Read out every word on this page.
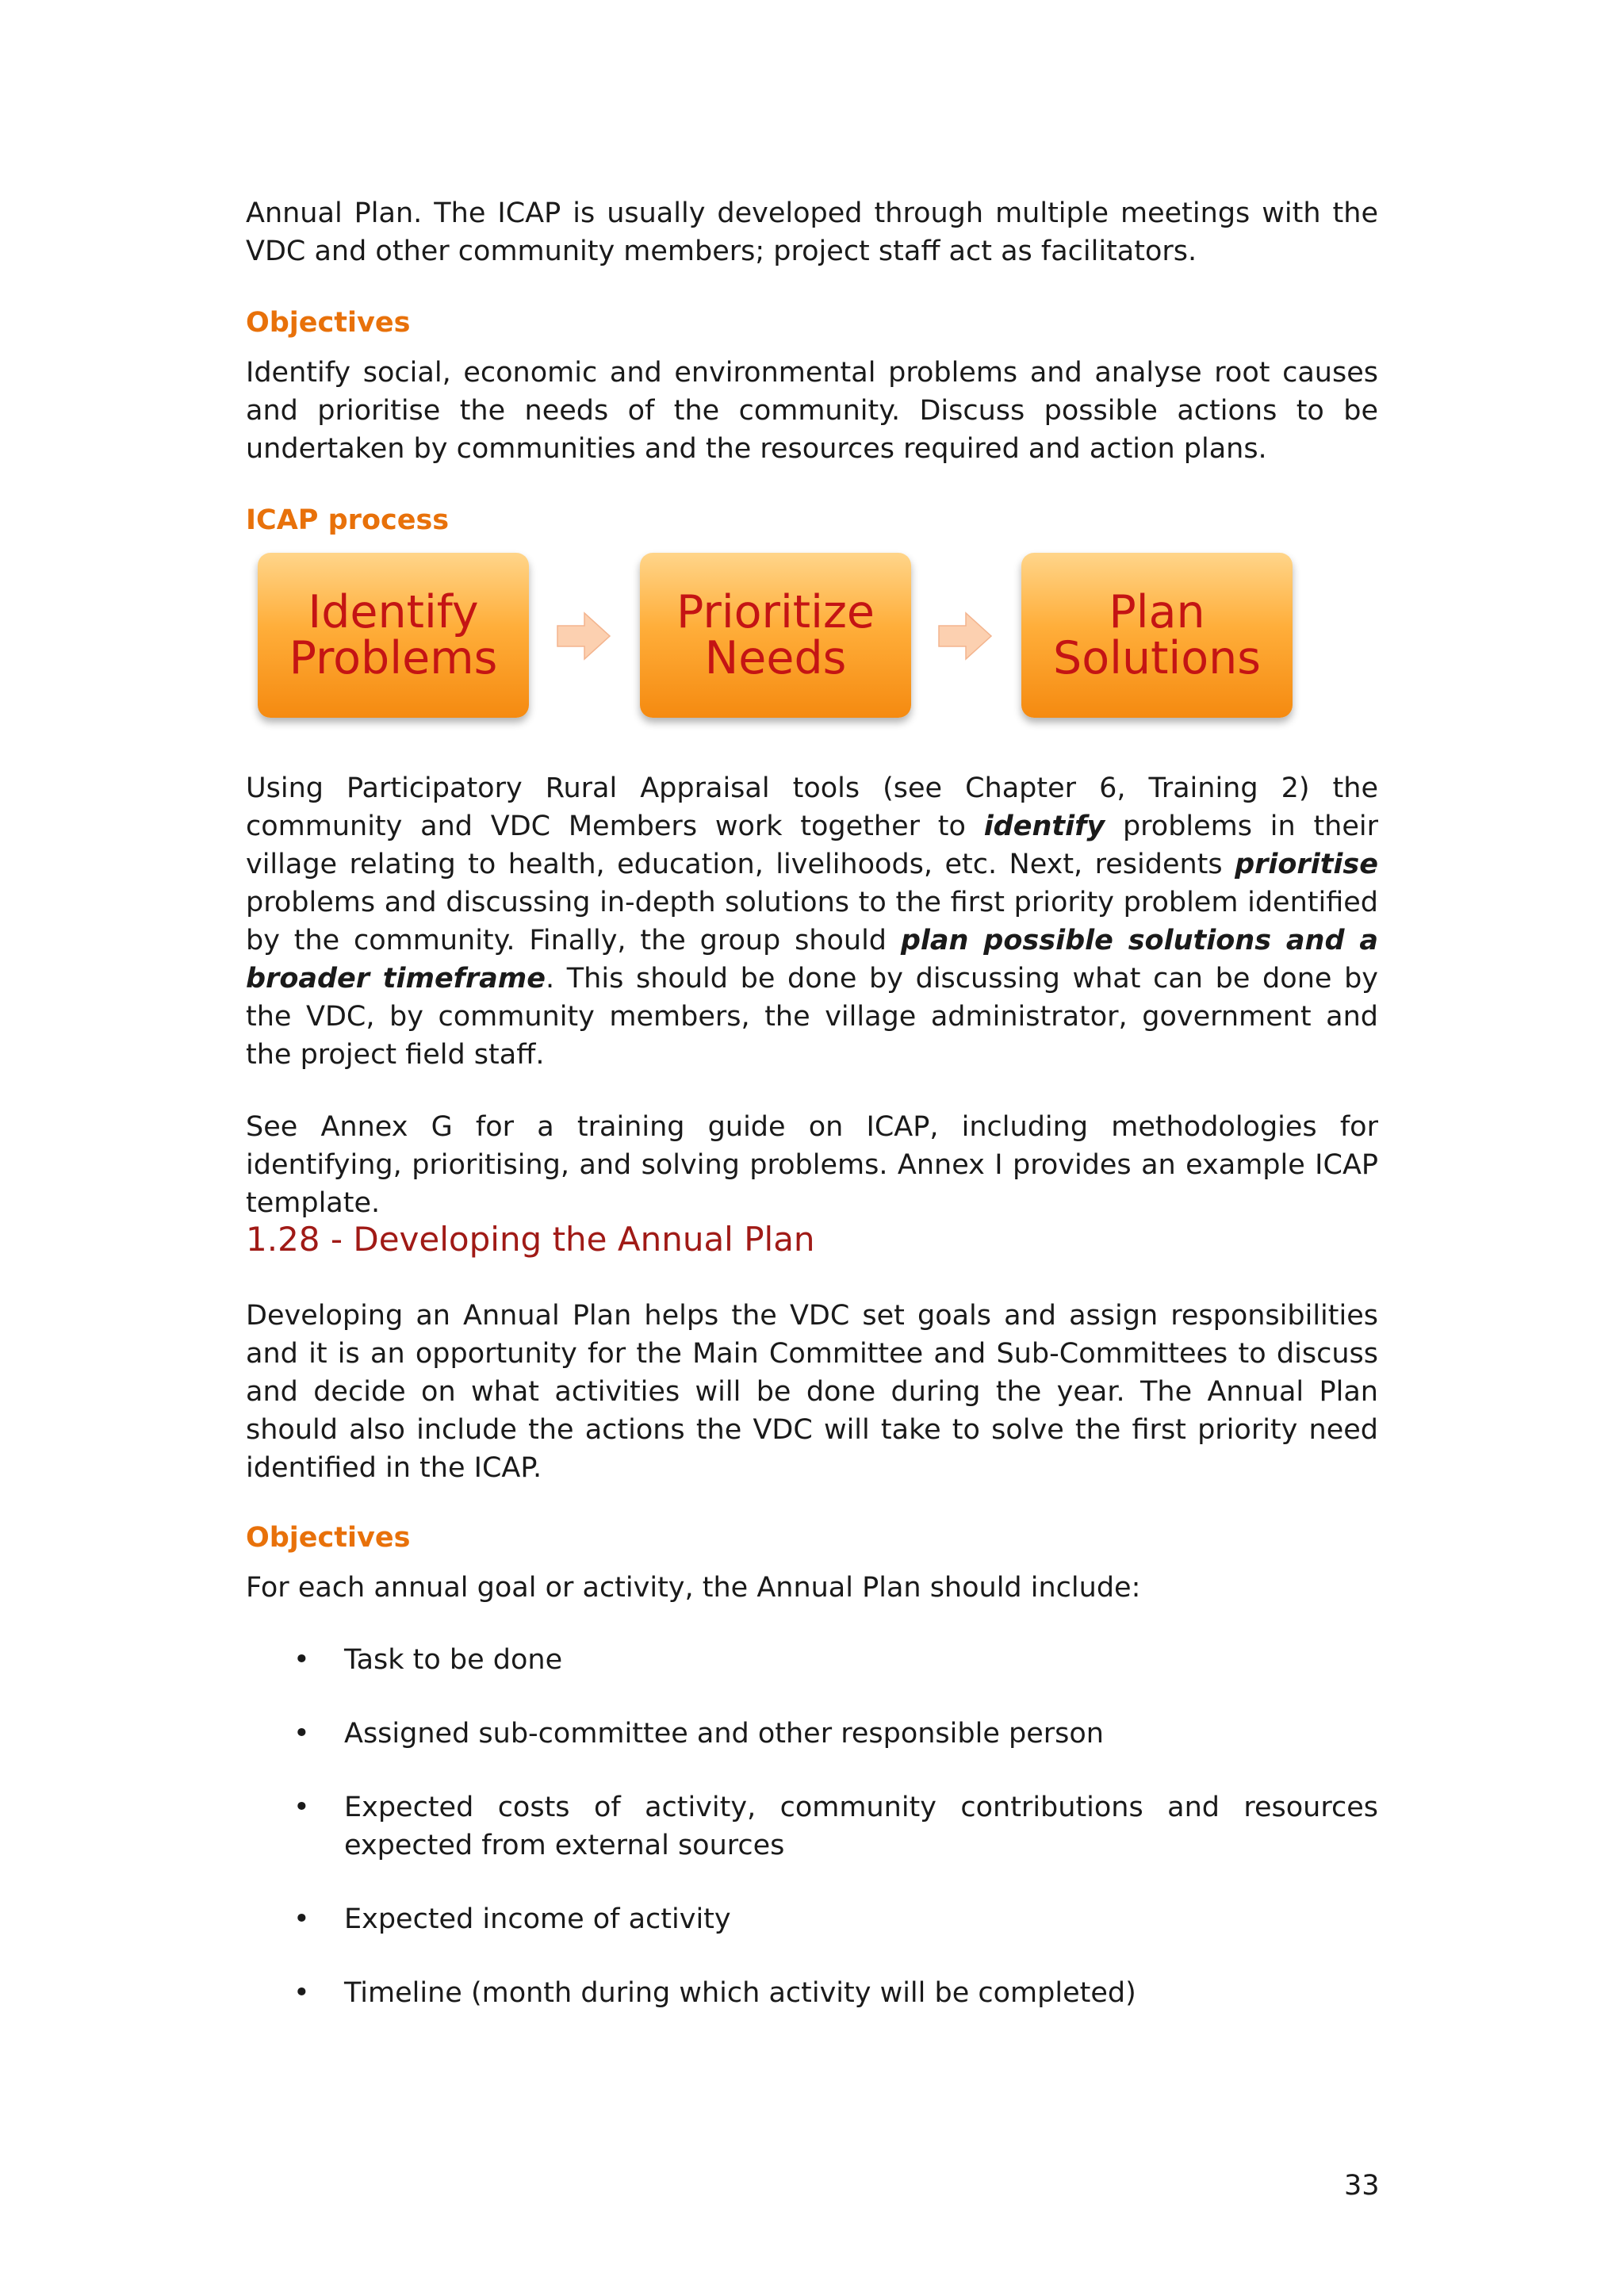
Annual Plan. The ICAP is usually developed through multiple meetings with the VDC and other community members; project staff act as facilitators.

Objectives

Identify social, economic and environmental problems and analyse root causes and prioritise the needs of the community. Discuss possible actions to be undertaken by communities and the resources required and action plans.

ICAP process

Using Participatory Rural Appraisal tools (see Chapter 6, Training 2) the community and VDC Members work together to identify problems in their village relating to health, education, livelihoods, etc. Next, residents prioritise problems and discussing in-depth solutions to the first priority problem identified by the community. Finally, the group should plan possible solutions and a broader timeframe. This should be done by discussing what can be done by the VDC, by community members, the village administrator, government and the project field staff.

See Annex G for a training guide on ICAP, including methodologies for identifying, prioritising, and solving problems. Annex I provides an example ICAP template.

1.28 - Developing the Annual Plan

Developing an Annual Plan helps the VDC set goals and assign responsibilities and it is an opportunity for the Main Committee and Sub-Committees to discuss and decide on what activities will be done during the year. The Annual Plan should also include the actions the VDC will take to solve the first priority need identified in the ICAP.

Objectives

For each annual goal or activity, the Annual Plan should include:

• Task to be done
• Assigned sub-committee and other responsible person
• Expected costs of activity, community contributions and resources expected from external sources
• Expected income of activity
• Timeline (month during which activity will be completed)
Identify
Problems
Prioritize
Needs
Plan
Solutions
33
